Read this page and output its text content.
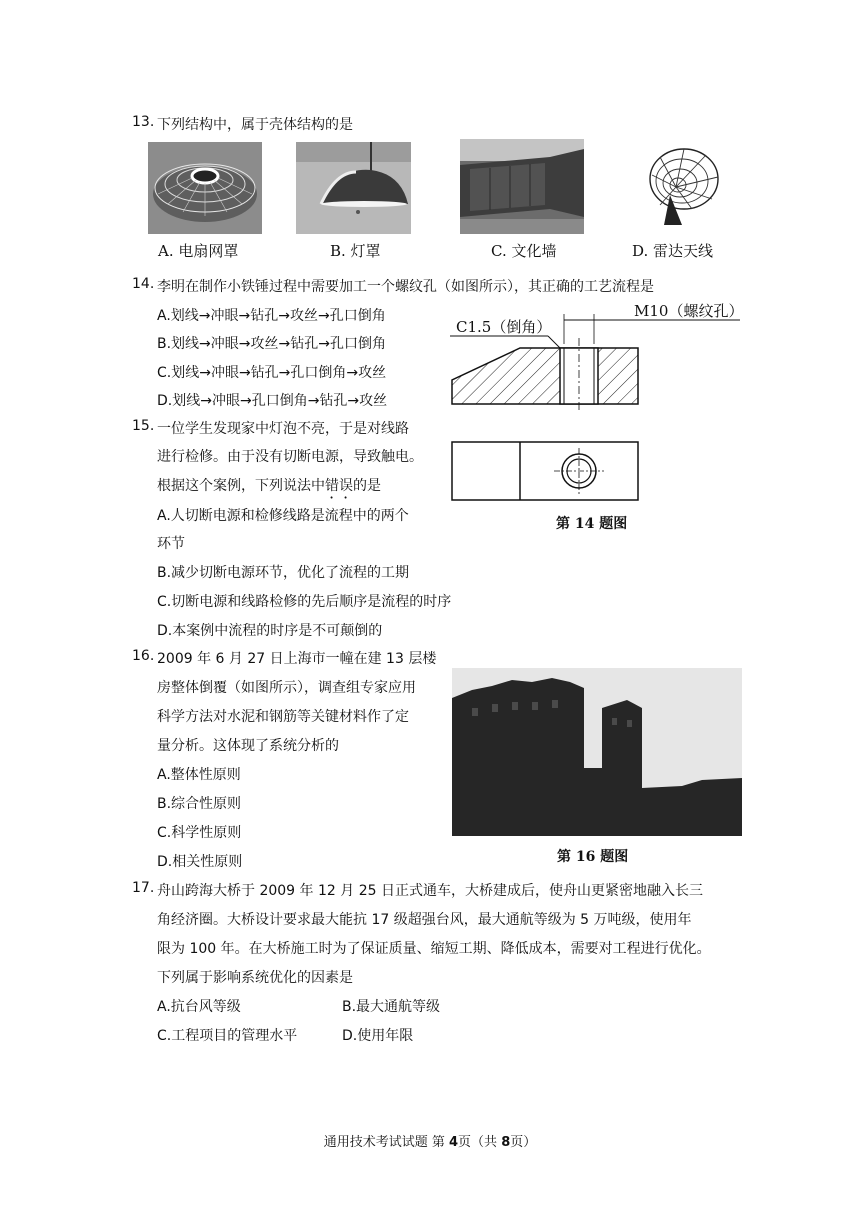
13. 下列结构中，属于壳体结构的是
A. 电扇网罩	B. 灯罩	C. 文化墙	D. 雷达天线
14. 李明在制作小铁锤过程中需要加工一个螺纹孔（如图所示），其正确的工艺流程是
A.划线→冲眼→钻孔→攻丝→孔口倒角
B.划线→冲眼→攻丝→钻孔→孔口倒角
C.划线→冲眼→钻孔→孔口倒角→攻丝
D.划线→冲眼→孔口倒角→钻孔→攻丝
C1.5（倒角）
M10（螺纹孔）
第 14 题图
15. 一位学生发现家中灯泡不亮，于是对线路
进行检修。由于没有切断电源，导致触电。
根据这个案例，下列说法中错误的是
A.人切断电源和检修线路是流程中的两个
环节
B.减少切断电源环节，优化了流程的工期
C.切断电源和线路检修的先后顺序是流程的时序
D.本案例中流程的时序是不可颠倒的
16. 2009 年 6 月 27 日上海市一幢在建 13 层楼
房整体倒覆（如图所示），调查组专家应用
科学方法对水泥和钢筋等关键材料作了定
量分析。这体现了系统分析的
A.整体性原则
B.综合性原则
C.科学性原则
D.相关性原则	第 16 题图
17. 舟山跨海大桥于 2009 年 12 月 25 日正式通车，大桥建成后，使舟山更紧密地融入长三
角经济圈。大桥设计要求最大能抗 17 级超强台风，最大通航等级为 5 万吨级，使用年
限为 100 年。在大桥施工时为了保证质量、缩短工期、降低成本，需要对工程进行优化。
下列属于影响系统优化的因素是
A.抗台风等级	B.最大通航等级
C.工程项目的管理水平	D.使用年限
通用技术考试试题 第 4页（共 8页）
